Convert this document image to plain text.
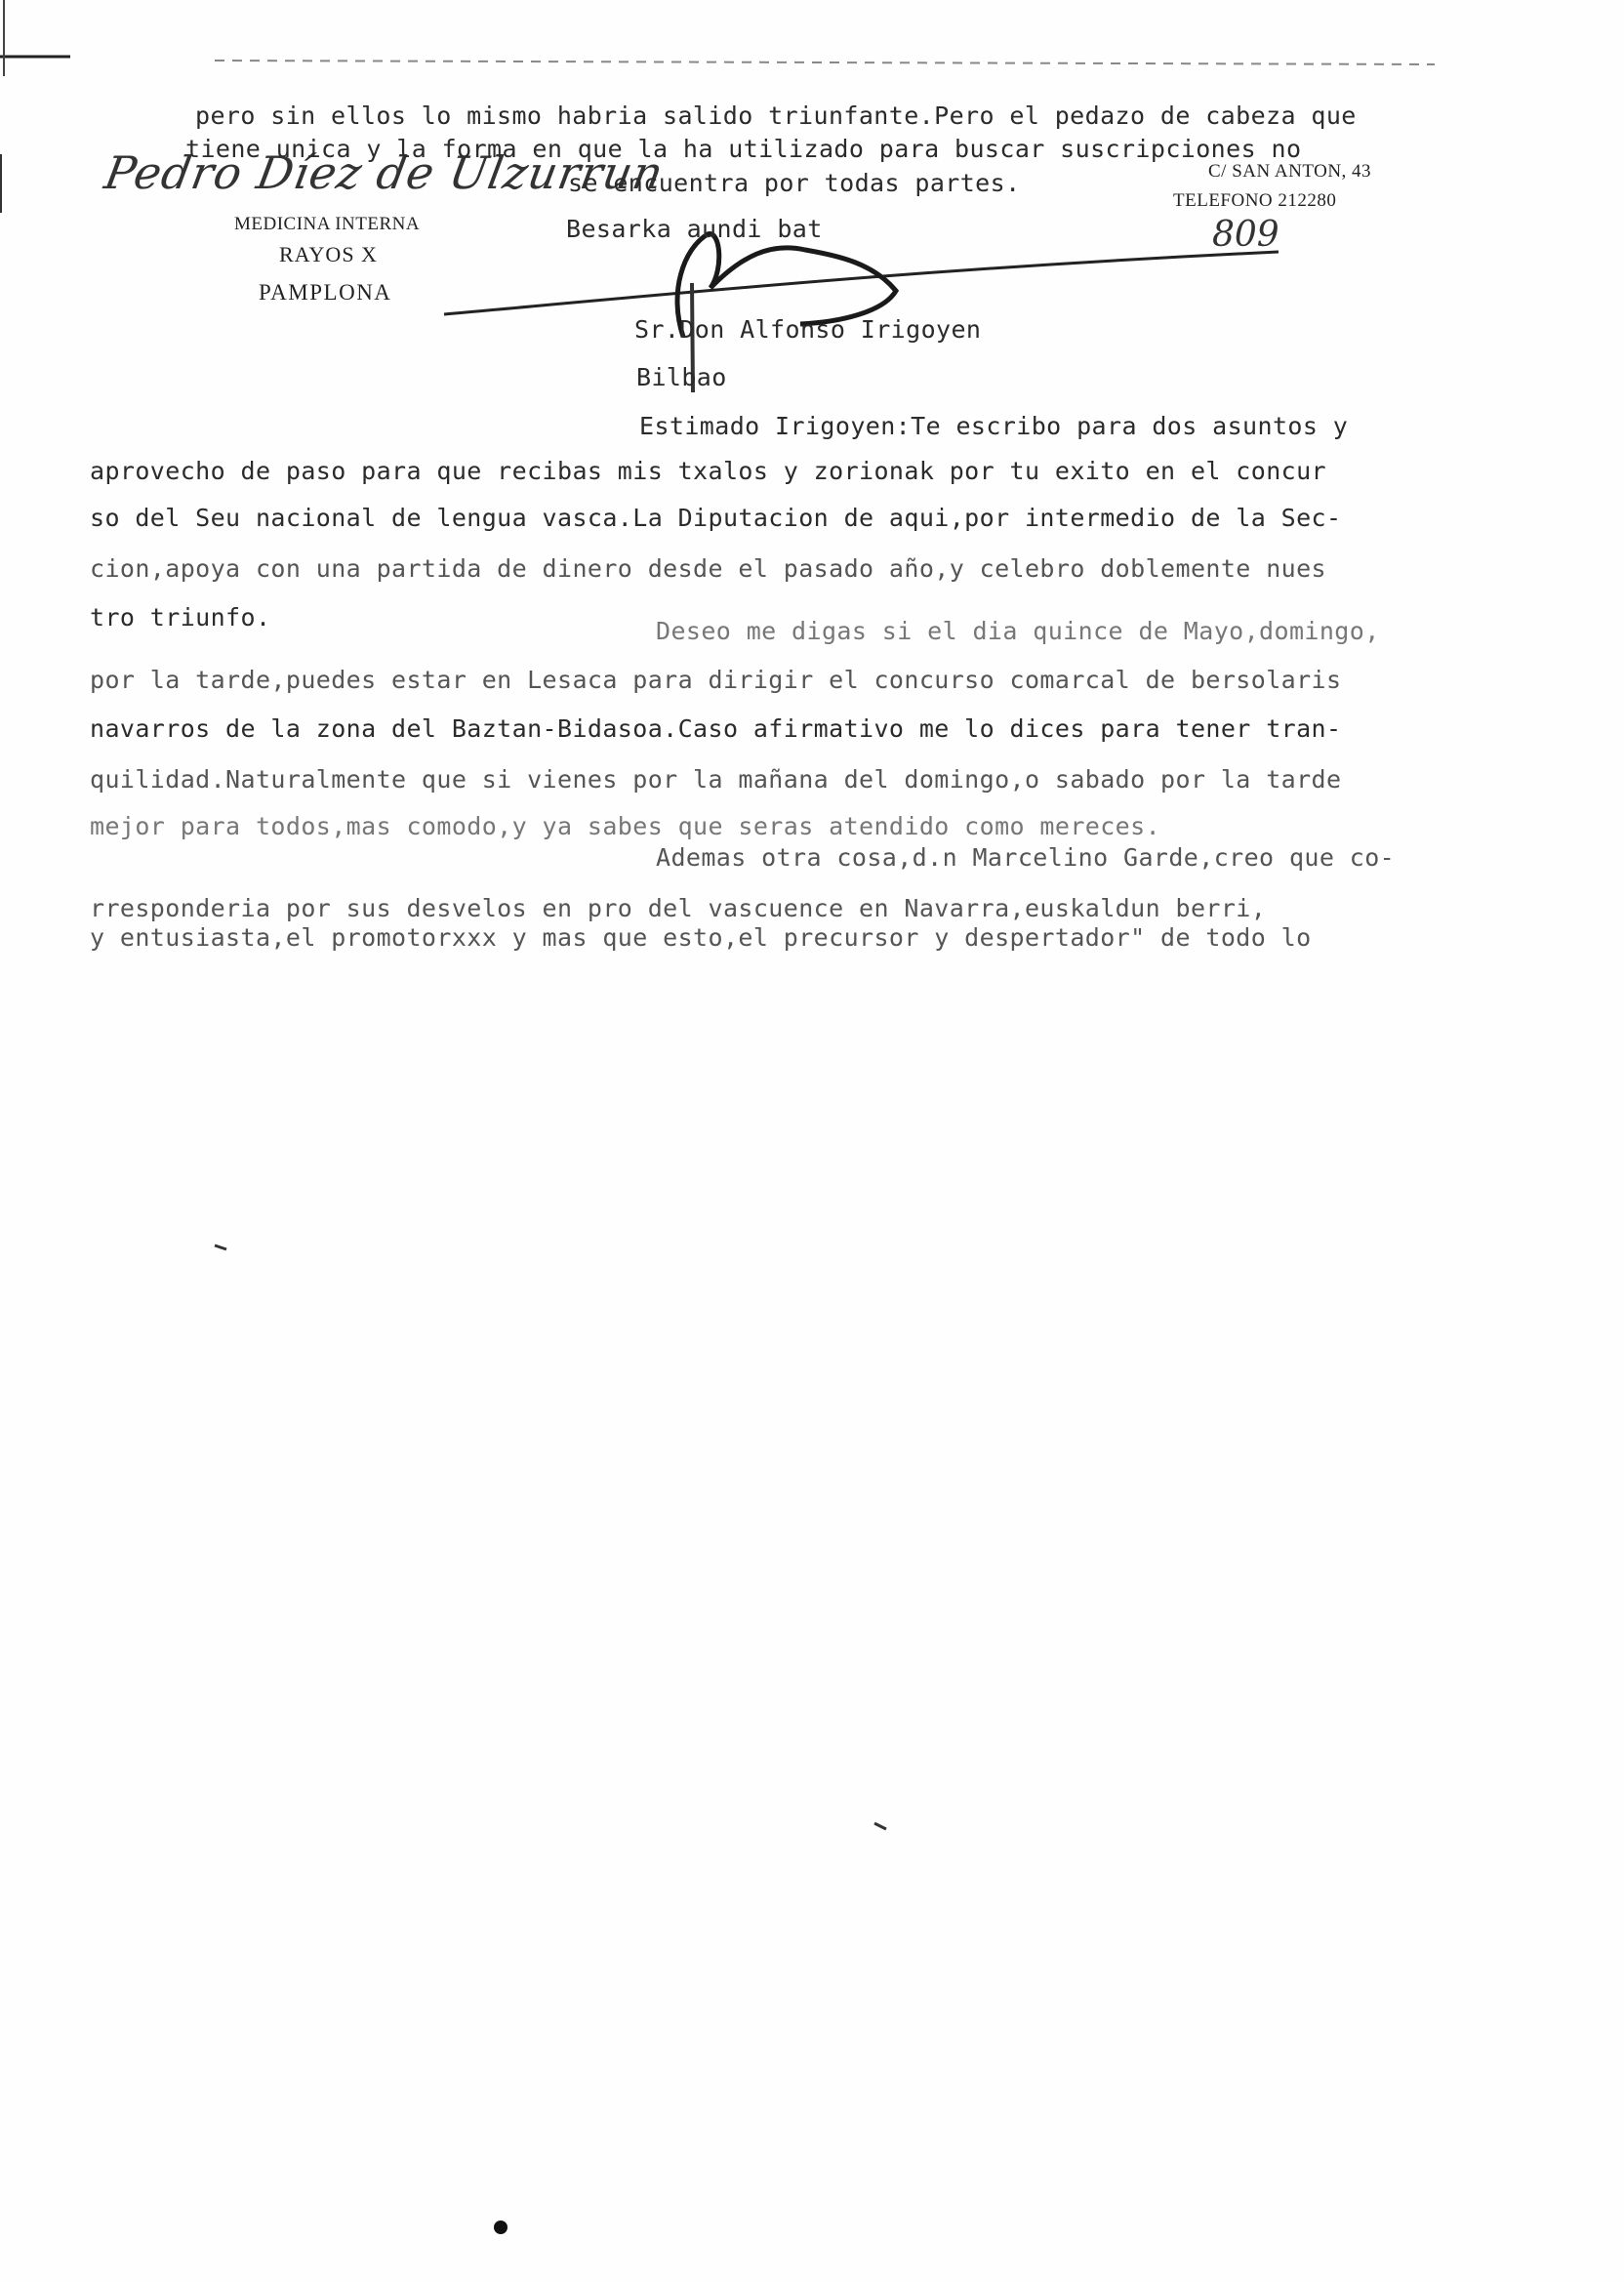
Pedro Díez de Ulzurrun
MEDICINA INTERNA
RAYOS X
PAMPLONA
C/ SAN ANTON, 43
TELEFONO 212280
809
pero sin ellos lo mismo habria salido triunfante.Pero el pedazo de cabeza que
tiene unica y la forma en que la ha utilizado para buscar suscripciones no
se encuentra por todas partes.
Besarka aundi bat
Sr.Don Alfonso Irigoyen
Bilbao
Estimado Irigoyen:Te escribo para dos asuntos y
aprovecho de paso para que recibas mis txalos y zorionak por tu exito en el concur
so del Seu nacional de lengua vasca.La Diputacion de aqui,por intermedio de la Sec-
cion,apoya con una partida de dinero desde el pasado año,y celebro doblemente nues
tro triunfo.	Deseo me digas si el dia quince de Mayo,domingo,
por la tarde,puedes estar en Lesaca para dirigir el concurso comarcal de bersolaris
navarros de la zona del Baztan-Bidasoa.Caso afirmativo me lo dices para tener tran-
quilidad.Naturalmente que si vienes por la mañana del domingo,o sabado por la tarde
mejor para todos,mas comodo,y ya sabes que seras atendido como mereces.
Ademas otra cosa,d.n Marcelino Garde,creo que co-
rresponderia por sus desvelos en pro del vascuence en Navarra,euskaldun berri,
y entusiasta,el promotorxxx y mas que esto,el precursor y despertador" de todo lo
